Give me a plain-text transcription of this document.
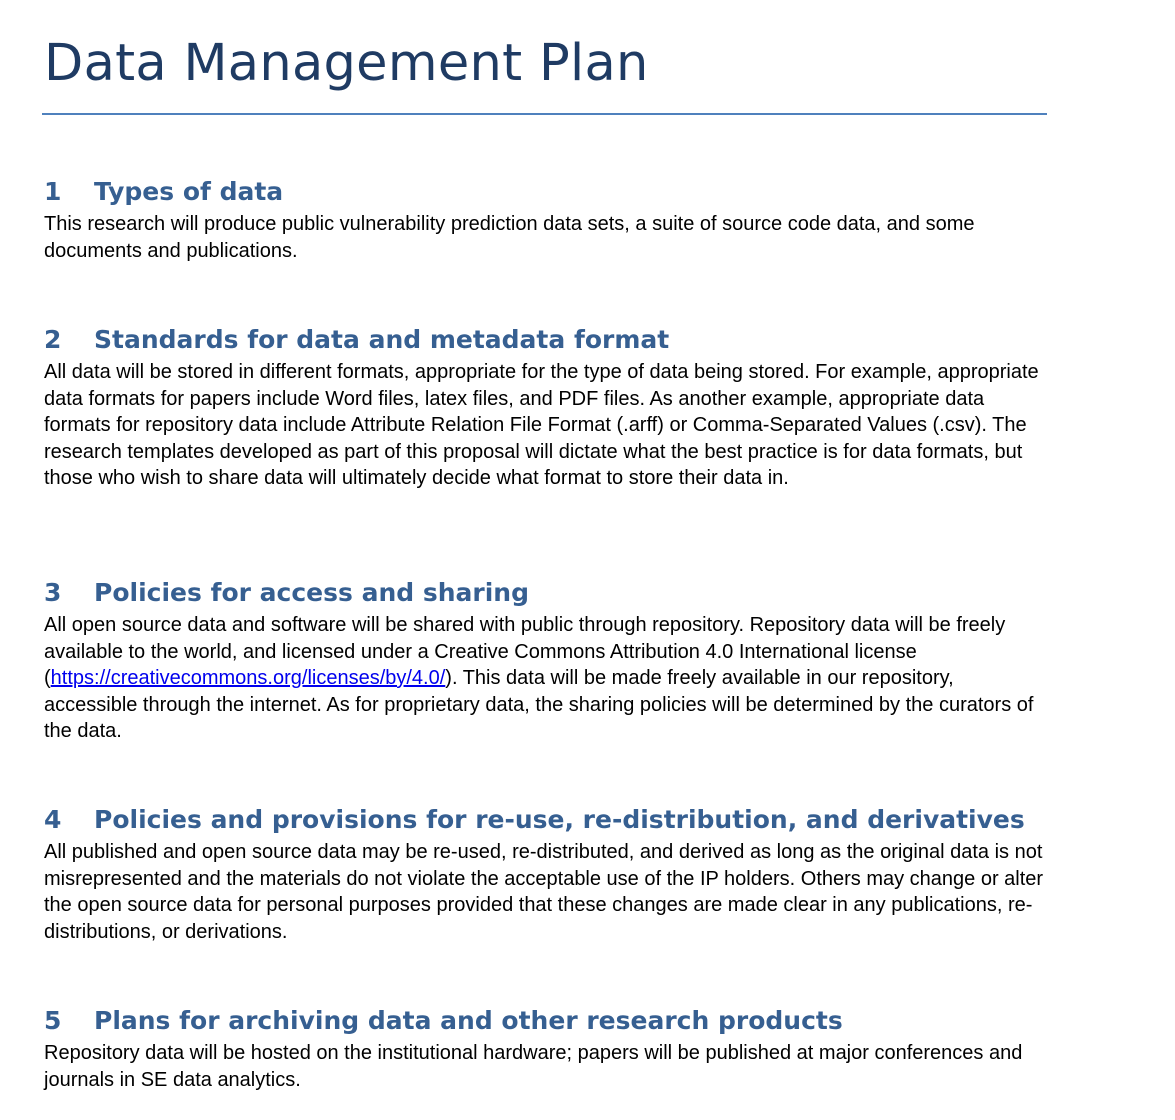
Data Management Plan
1 Types of data

This research will produce public vulnerability prediction data sets, a suite of source code data, and some documents and publications.

2 Standards for data and metadata format

All data will be stored in different formats, appropriate for the type of data being stored. For example, appropriate data formats for papers include Word files, latex files, and PDF files. As another example, appropriate data formats for repository data include Attribute Relation File Format (.arff) or Comma-Separated Values (.csv). The research templates developed as part of this proposal will dictate what the best practice is for data formats, but those who wish to share data will ultimately decide what format to store their data in.

3 Policies for access and sharing

All open source data and software will be shared with public through repository. Repository data will be freely available to the world, and licensed under a Creative Commons Attribution 4.0 International license (https://creativecommons.org/licenses/by/4.0/). This data will be made freely available in our repository, accessible through the internet. As for proprietary data, the sharing policies will be determined by the curators of the data.

4 Policies and provisions for re-use, re-distribution, and derivatives

All published and open source data may be re-used, re-distributed, and derived as long as the original data is not misrepresented and the materials do not violate the acceptable use of the IP holders. Others may change or alter the open source data for personal purposes provided that these changes are made clear in any publications, re-distributions, or derivations.

5 Plans for archiving data and other research products

Repository data will be hosted on the institutional hardware; papers will be published at major conferences and journals in SE data analytics.
